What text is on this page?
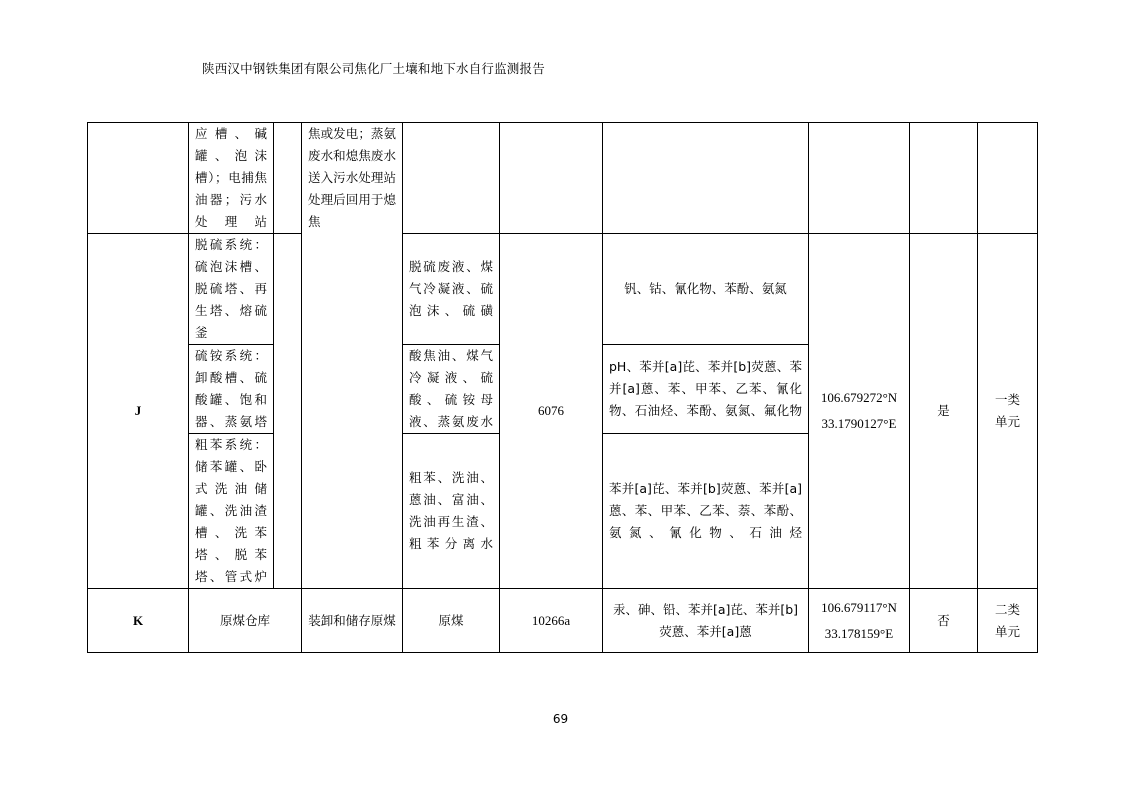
陕西汉中钢铁集团有限公司焦化厂土壤和地下水自行监测报告
	应槽、碱罐、泡沫槽）；电捕焦油器；污水处理站		焦或发电；蒸氨废水和熄焦废水送入污水处理站处理后回用于熄焦						
J	脱硫系统：硫泡沫槽、脱硫塔、再生塔、熔硫釜			脱硫废液、煤气冷凝液、硫泡沫、硫磺	6076	钒、钴、氰化物、苯酚、氨氮	106.679272°N
33.1790127°E	是	一类单元
	硫铵系统：卸酸槽、硫酸罐、饱和器、蒸氨塔			酸焦油、煤气冷凝液、硫酸、硫铵母液、蒸氨废水		pH、苯并[a]芘、苯并[b]荧蒽、苯并[a]蒽、苯、甲苯、乙苯、氰化物、石油烃、苯酚、氨氮、氟化物			
	粗苯系统：储苯罐、卧式洗油储罐、洗油渣槽、洗苯塔、脱苯塔、管式炉			粗苯、洗油、蒽油、富油、洗油再生渣、粗苯分离水		苯并[a]芘、苯并[b]荧蒽、苯并[a]蒽、苯、甲苯、乙苯、萘、苯酚、氨氮、氰化物、石油烃			
K	原煤仓库		装卸和储存原煤	原煤	10266a	汞、砷、铅、苯并[a]芘、苯并[b]荧蒽、苯并[a]蒽	106.679117°N
33.178159°E	否	二类单元
69
